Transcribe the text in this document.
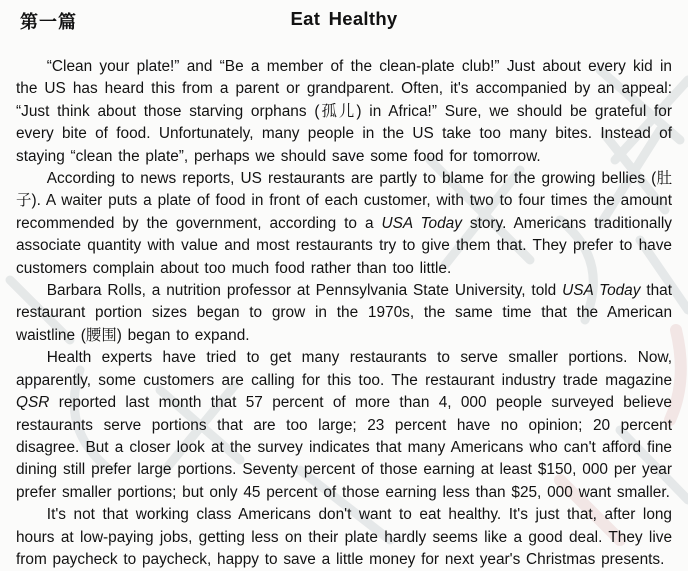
第一篇	Eat Healthy

“Clean your plate!” and “Be a member of the clean-plate club!” Just about every kid in the US has heard this from a parent or grandparent. Often, it's accompanied by an appeal: “Just think about those starving orphans (孤儿) in Africa!” Sure, we should be grateful for every bite of food. Unfortunately, many people in the US take too many bites. Instead of staying “clean the plate”, perhaps we should save some food for tomorrow.

According to news reports, US restaurants are partly to blame for the growing bellies (肚子). A waiter puts a plate of food in front of each customer, with two to four times the amount recommended by the government, according to a USA Today story. Americans traditionally associate quantity with value and most restaurants try to give them that. They prefer to have customers complain about too much food rather than too little.

Barbara Rolls, a nutrition professor at Pennsylvania State University, told USA Today that restaurant portion sizes began to grow in the 1970s, the same time that the American waistline (腰围) began to expand.

Health experts have tried to get many restaurants to serve smaller portions. Now, apparently, some customers are calling for this too. The restaurant industry trade magazine QSR reported last month that 57 percent of more than 4, 000 people surveyed believe restaurants serve portions that are too large; 23 percent have no opinion; 20 percent disagree. But a closer look at the survey indicates that many Americans who can't afford fine dining still prefer large portions. Seventy percent of those earning at least $150, 000 per year prefer smaller portions; but only 45 percent of those earning less than $25, 000 want smaller.

It's not that working class Americans don't want to eat healthy. It's just that, after long hours at low-paying jobs, getting less on their plate hardly seems like a good deal. They live from paycheck to paycheck, happy to save a little money for next year's Christmas presents.
